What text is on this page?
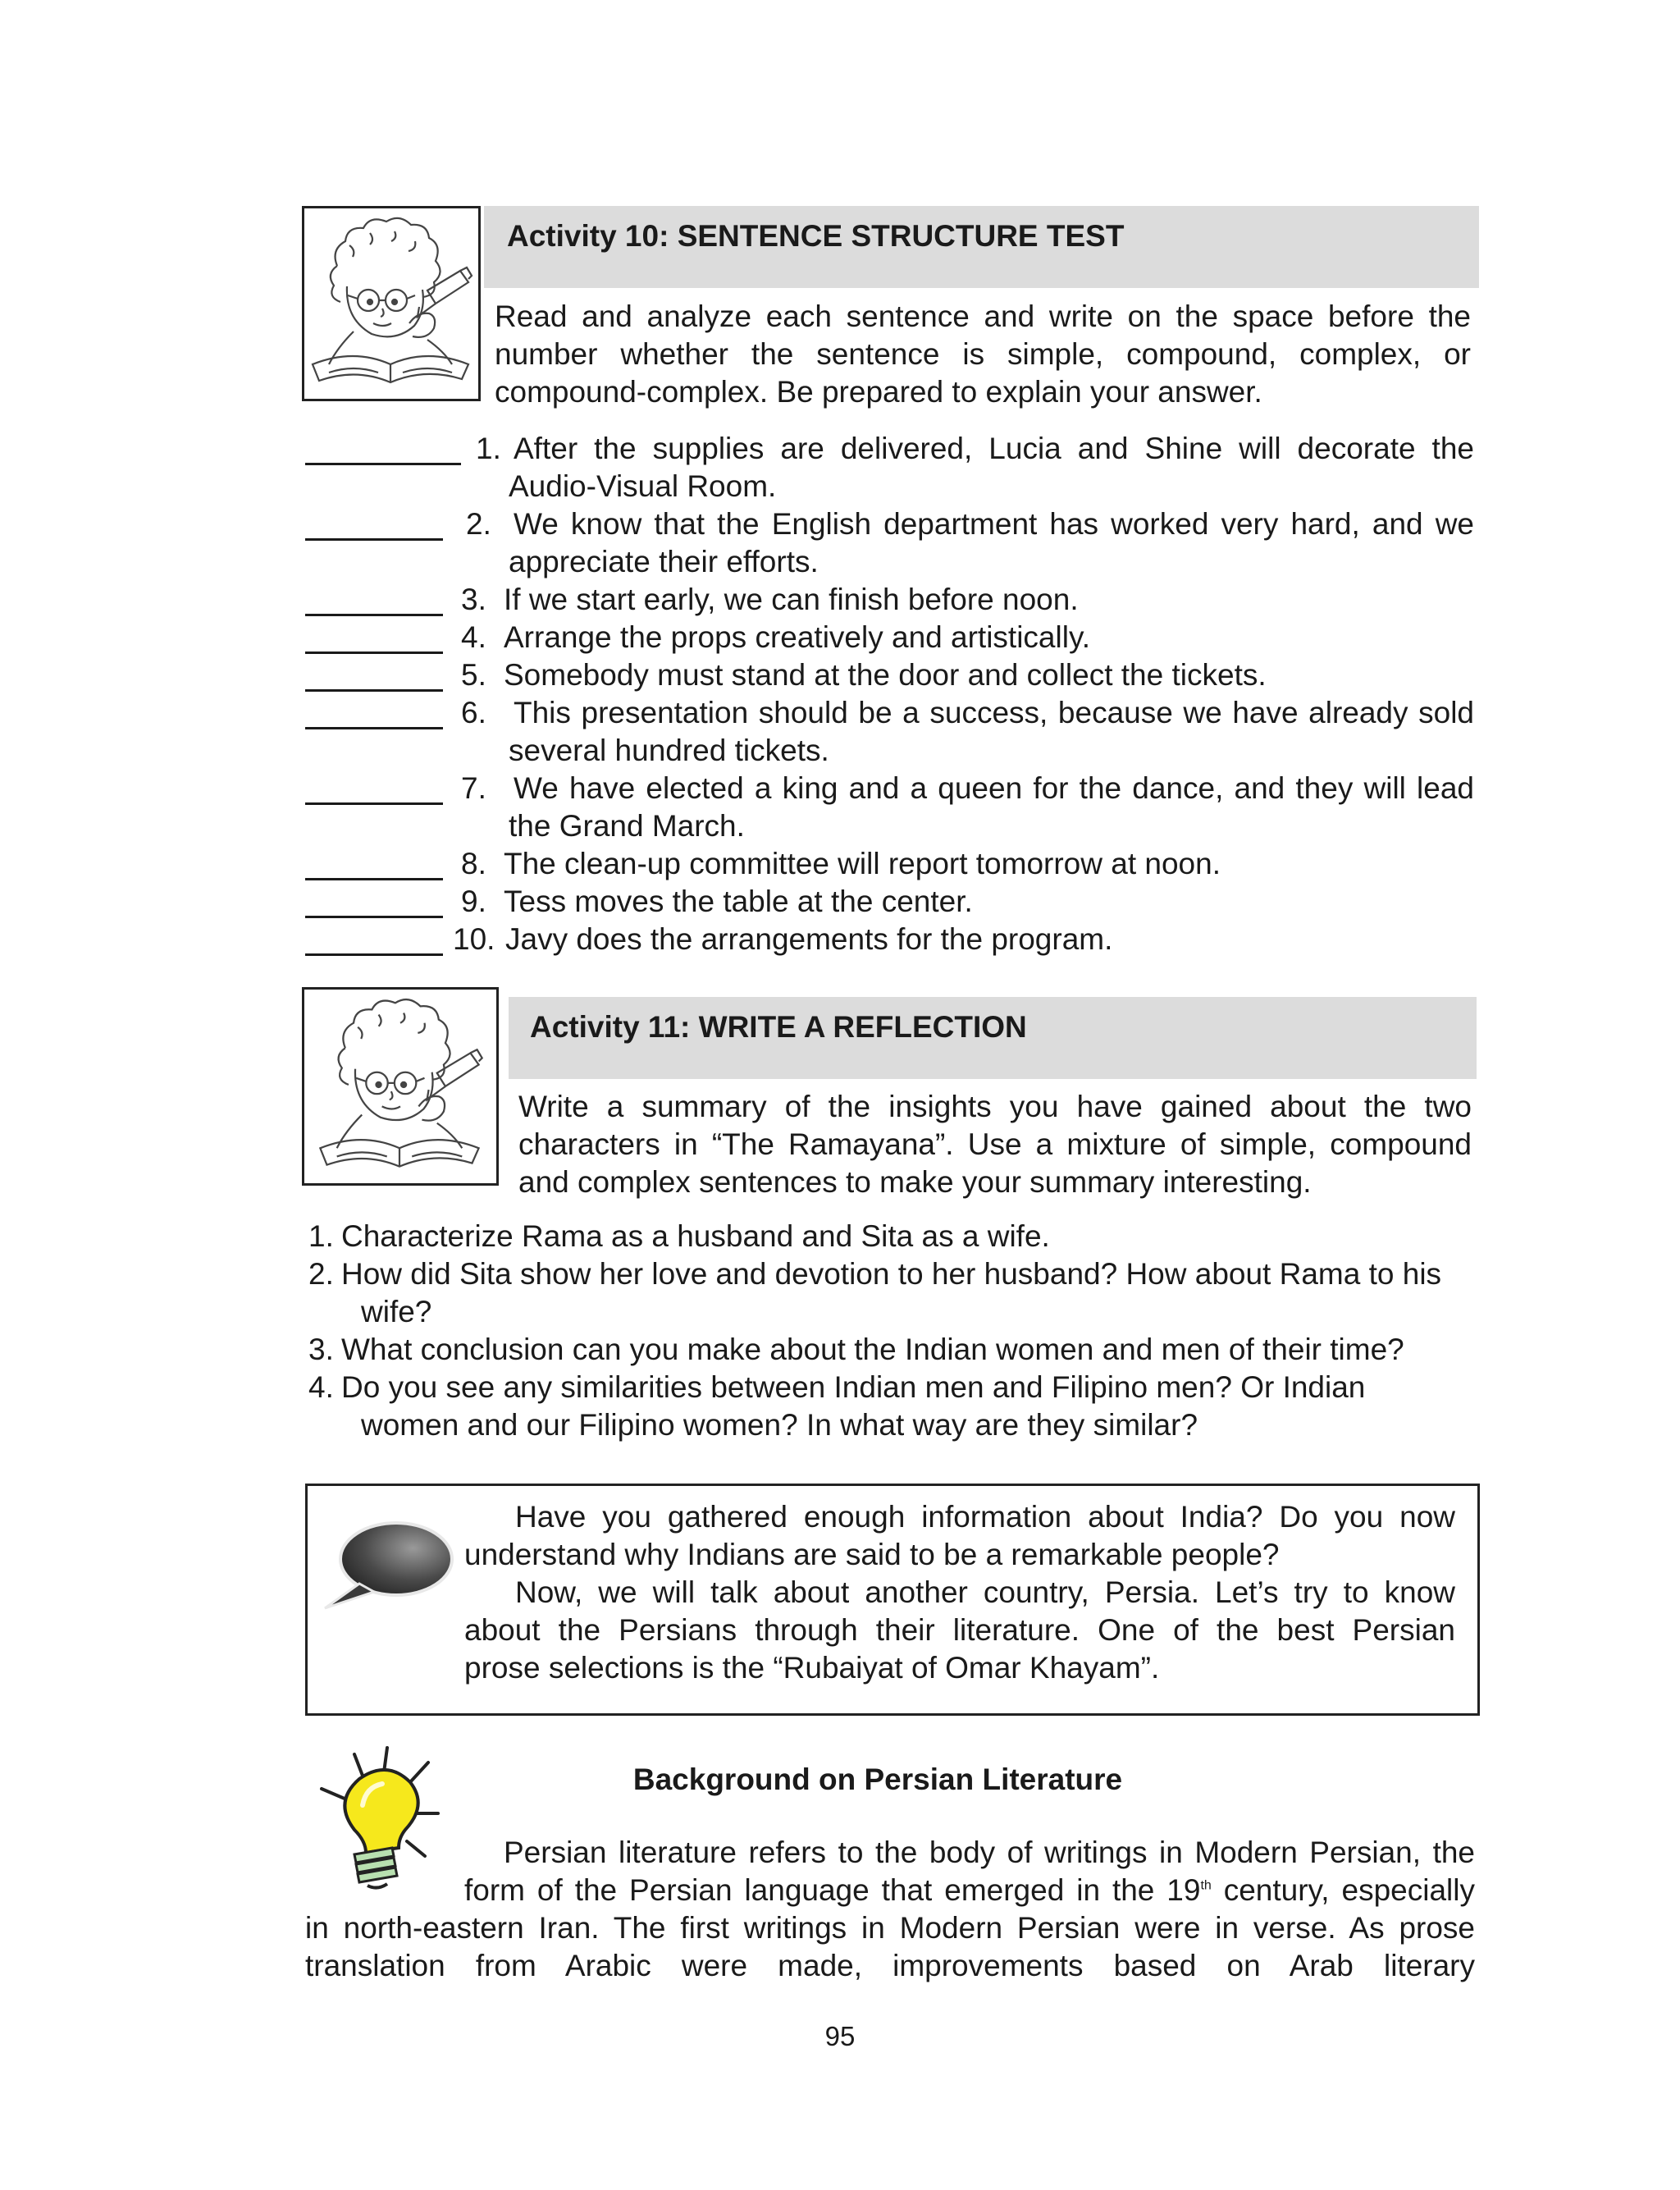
Activity 10: SENTENCE STRUCTURE TEST
Read and analyze each sentence and write on the space before the
number whether the sentence is simple, compound, complex, or
compound-complex. Be prepared to explain your answer.
1. After the supplies are delivered, Lucia and Shine will decorate the
Audio-Visual Room.
2. We know that the English department has worked very hard, and we
appreciate their efforts.
3. If we start early, we can finish before noon.
4. Arrange the props creatively and artistically.
5. Somebody must stand at the door and collect the tickets.
6. This presentation should be a success, because we have already sold
several hundred tickets.
7. We have elected a king and a queen for the dance, and they will lead
the Grand March.
8. The clean-up committee will report tomorrow at noon.
9. Tess moves the table at the center.
10. Javy does the arrangements for the program.
Activity 11: WRITE A REFLECTION
Write a summary of the insights you have gained about the two
characters in “The Ramayana”. Use a mixture of simple, compound
and complex sentences to make your summary interesting.
1. Characterize Rama as a husband and Sita as a wife.
2. How did Sita show her love and devotion to her husband? How about Rama to his
wife?
3. What conclusion can you make about the Indian women and men of their time?
4. Do you see any similarities between Indian men and Filipino men? Or Indian
women and our Filipino women? In what way are they similar?
Have you gathered enough information about India? Do you now
understand why Indians are said to be a remarkable people?
Now, we will talk about another country, Persia. Let’s try to know
about the Persians through their literature. One of the best Persian
prose selections is the “Rubaiyat of Omar Khayam”.
Background on Persian Literature
Persian literature refers to the body of writings in Modern Persian, the
form of the Persian language that emerged in the 19th century, especially
in north-eastern Iran. The first writings in Modern Persian were in verse. As prose
translation from Arabic were made, improvements based on Arab literary
95
